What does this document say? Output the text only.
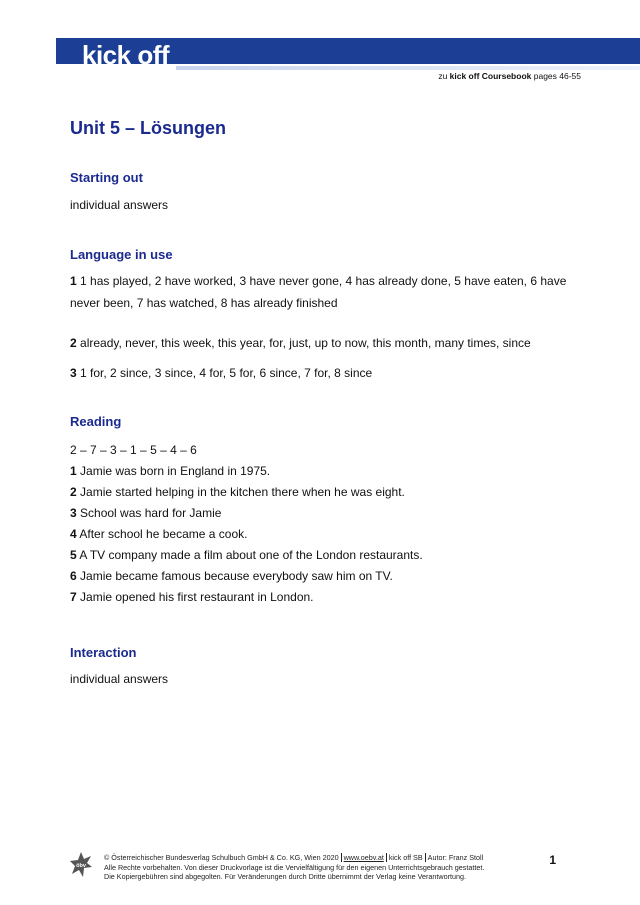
kick off
zu kick off Coursebook pages 46-55
Unit 5 – Lösungen
Starting out

individual answers

Language in use

1 1 has played, 2 have worked, 3 have never gone, 4 has already done, 5 have eaten, 6 have never been, 7 has watched, 8 has already finished

2 already, never, this week, this year, for, just, up to now, this month, many times, since

3 1 for, 2 since, 3 since, 4 for, 5 for, 6 since, 7 for, 8 since

Reading

2 – 7 – 3 – 1 – 5 – 4 – 6

1 Jamie was born in England in 1975.

2 Jamie started helping in the kitchen there when he was eight.

3 School was hard for Jamie

4 After school he became a cook.

5 A TV company made a film about one of the London restaurants.

6 Jamie became famous because everybody saw him on TV.

7 Jamie opened his first restaurant in London.

Interaction

individual answers

öbv
© Österreichischer Bundesverlag Schulbuch GmbH & Co. KG, Wien 2020 www.oebv.at kick off SB Autor: Franz Stoll
Alle Rechte vorbehalten. Von dieser Druckvorlage ist die Vervielfältigung für den eigenen Unterrichtsgebrauch gestattet.
Die Kopiergebühren sind abgegolten. Für Veränderungen durch Dritte übernimmt der Verlag keine Verantwortung.
1
